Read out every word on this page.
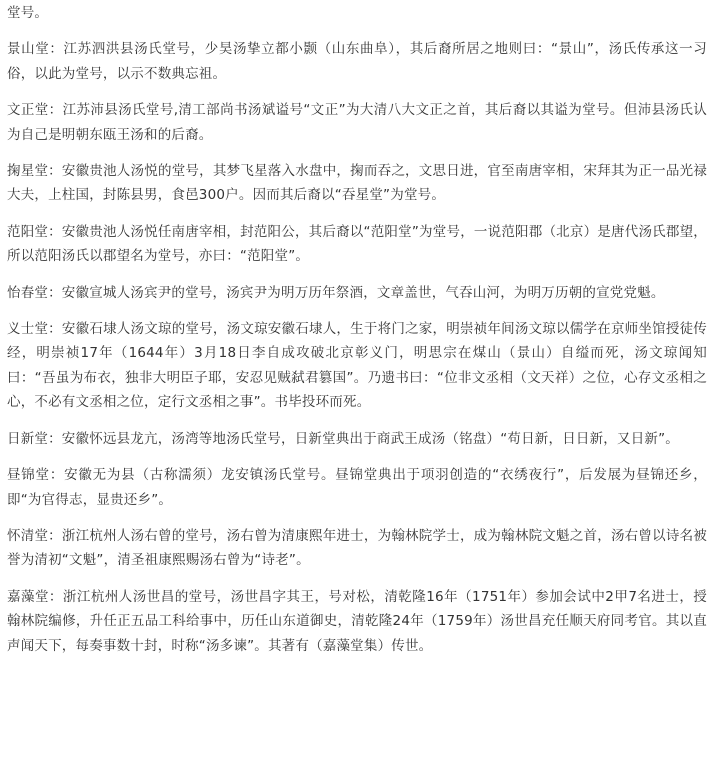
堂号。

景山堂：江苏泗洪县汤氏堂号，少昊汤挚立都小颢（山东曲阜），其后裔所居之地则曰：“景山”，汤氏传承这一习俗，以此为堂号，以示不数典忘祖。

文正堂：江苏沛县汤氏堂号,清工部尚书汤斌谥号“文正”为大清八大文正之首，其后裔以其谥为堂号。但沛县汤氏认为自己是明朝东瓯王汤和的后裔。

掬星堂：安徽贵池人汤悦的堂号，其梦飞星落入水盘中，掬而吞之，文思日进，官至南唐宰相，宋拜其为正一品光禄大夫，上柱国，封陈县男，食邑300户。因而其后裔以“吞星堂”为堂号。

范阳堂：安徽贵池人汤悦任南唐宰相，封范阳公，其后裔以“范阳堂”为堂号，一说范阳郡（北京）是唐代汤氏郡望，所以范阳汤氏以郡望名为堂号，亦曰：“范阳堂”。

怡春堂：安徽宣城人汤宾尹的堂号，汤宾尹为明万历年祭酒，文章盖世，气吞山河，为明万历朝的宣党党魁。

义士堂：安徽石埭人汤文琼的堂号，汤文琼安徽石埭人，生于将门之家，明崇祯年间汤文琼以儒学在京师坐馆授徒传经，明崇祯17年（1644年）3月18日李自成攻破北京彰义门，明思宗在煤山（景山）自缢而死，汤文琼闻知曰：“吾虽为布衣，独非大明臣子耶，安忍见贼弑君篡国”。乃遗书曰：“位非文丞相（文天祥）之位，心存文丞相之心，不必有文丞相之位，定行文丞相之事”。书毕投环而死。

日新堂：安徽怀远县龙亢，汤湾等地汤氏堂号，日新堂典出于商武王成汤（铭盘）“苟日新，日日新，又日新”。

昼锦堂：安徽无为县（古称濡须）龙安镇汤氏堂号。昼锦堂典出于项羽创造的“衣绣夜行”，后发展为昼锦还乡，即“为官得志，显贵还乡”。

怀清堂：浙江杭州人汤右曾的堂号，汤右曾为清康熙年进士，为翰林院学士，成为翰林院文魁之首，汤右曾以诗名被誉为清初“文魁”，清圣祖康熙赐汤右曾为“诗老”。

嘉藻堂：浙江杭州人汤世昌的堂号，汤世昌字其王，号对松，清乾隆16年（1751年）参加会试中2甲7名进士，授翰林院编修，升任正五品工科给事中，历任山东道御史，清乾隆24年（1759年）汤世昌充任顺天府同考官。其以直声闻天下，每奏事数十封，时称“汤多谏”。其著有（嘉藻堂集）传世。
